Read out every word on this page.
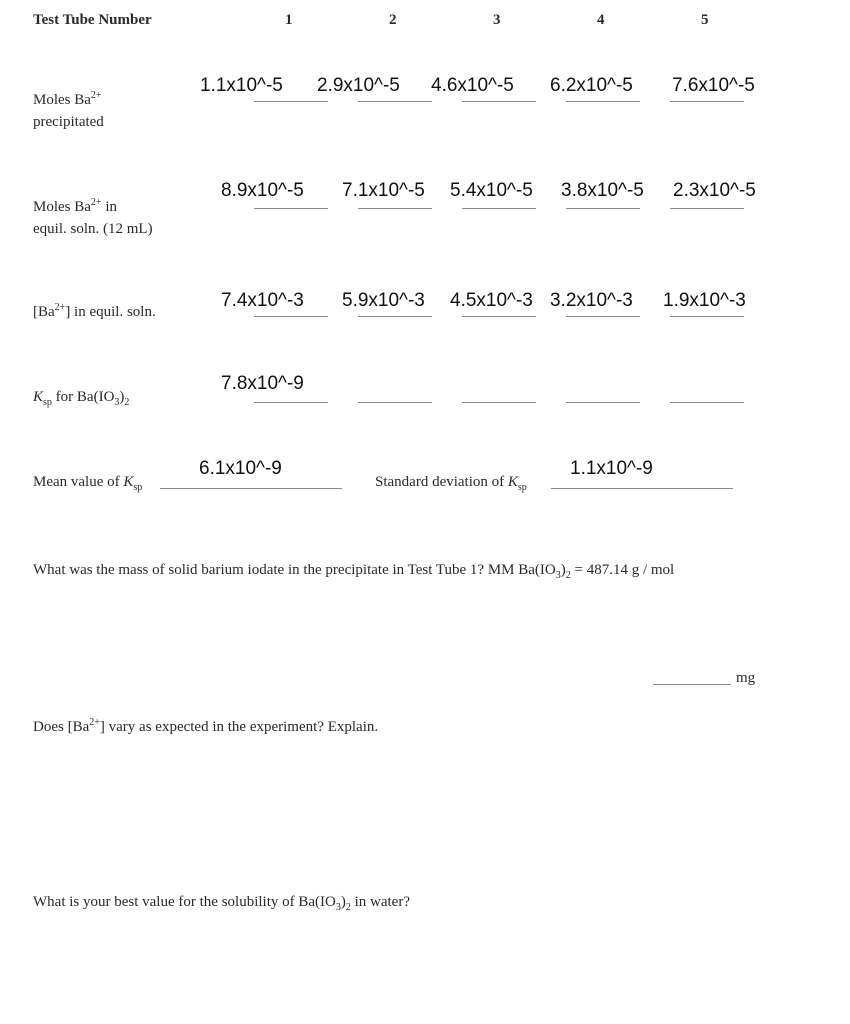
Test Tube Number	1	2	3	4	5
Moles $Ba^{2+}$
precipitated
1.1x10^-5 2.9x10^-5 4.6x10^-5 6.2x10^-5 7.6x10^-5
Moles $Ba^{2+}$ in
equil. soln. (12 mL)
8.9x10^-5 7.1x10^-5 5.4x10^-5 3.8x10^-5 2.3x10^-5
$[Ba^{2+}]$ in equil. soln.
7.4x10^-3 5.9x10^-3 4.5x10^-3 3.2x10^-3 1.9x10^-3
$K_{sp}$ for $Ba(IO_3)_2$
7.8x10^-9
Mean value of $K_{sp}$
6.1x10^-9
Standard deviation of $K_{sp}$
1.1x10^-9
What was the mass of solid barium iodate in the precipitate in Test Tube 1? MM $Ba(IO_3)_2 = 487.14$ g / mol
mg
Does $[Ba^{2+}]$ vary as expected in the experiment? Explain.
What is your best value for the solubility of $Ba(IO_3)_2$ in water?
